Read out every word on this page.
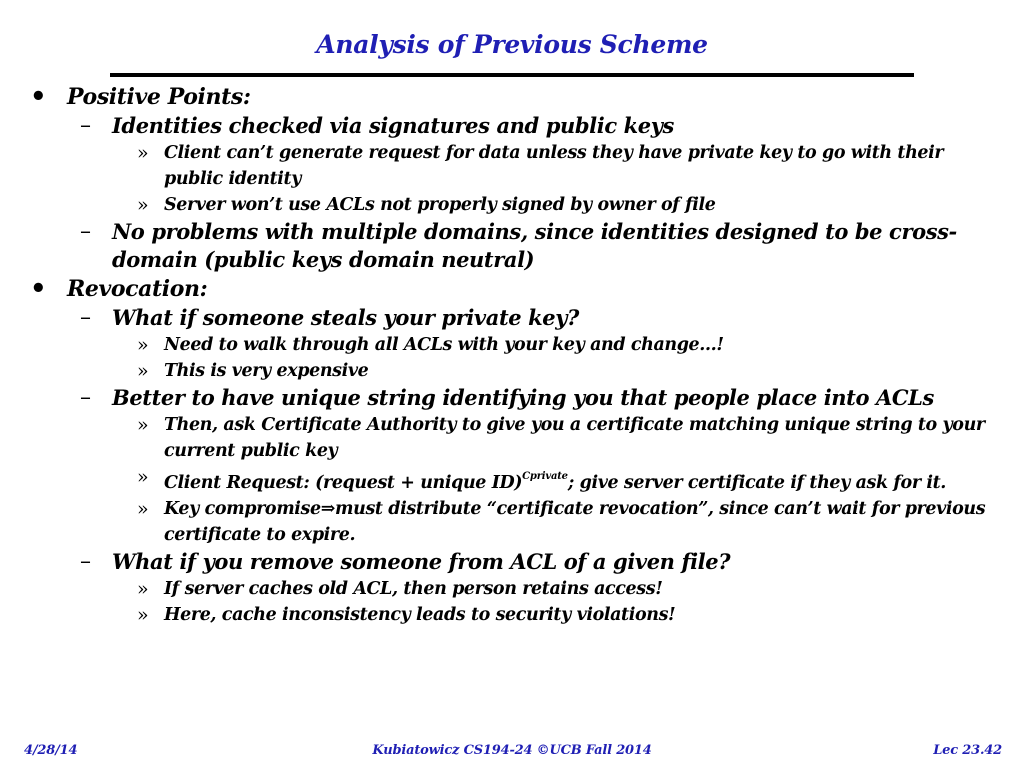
Analysis of Previous Scheme
• Positive Points:
– Identities checked via signatures and public keys
» Client can’t generate request for data unless they have private key to go with their public identity
» Server won’t use ACLs not properly signed by owner of file
– No problems with multiple domains, since identities designed to be cross-domain (public keys domain neutral)
• Revocation:
– What if someone steals your private key?
» Need to walk through all ACLs with your key and change…!
» This is very expensive
– Better to have unique string identifying you that people place into ACLs
» Then, ask Certificate Authority to give you a certificate matching unique string to your current public key
» Client Request: (request + unique ID)$^{Cprivate}$; give server certificate if they ask for it.
» Key compromise⇒must distribute “certificate revocation”, since can’t wait for previous certificate to expire.
– What if you remove someone from ACL of a given file?
» If server caches old ACL, then person retains access!
» Here, cache inconsistency leads to security violations!
4/28/14	Kubiatowicz CS194-24 ©UCB Fall 2014	Lec 23.42
